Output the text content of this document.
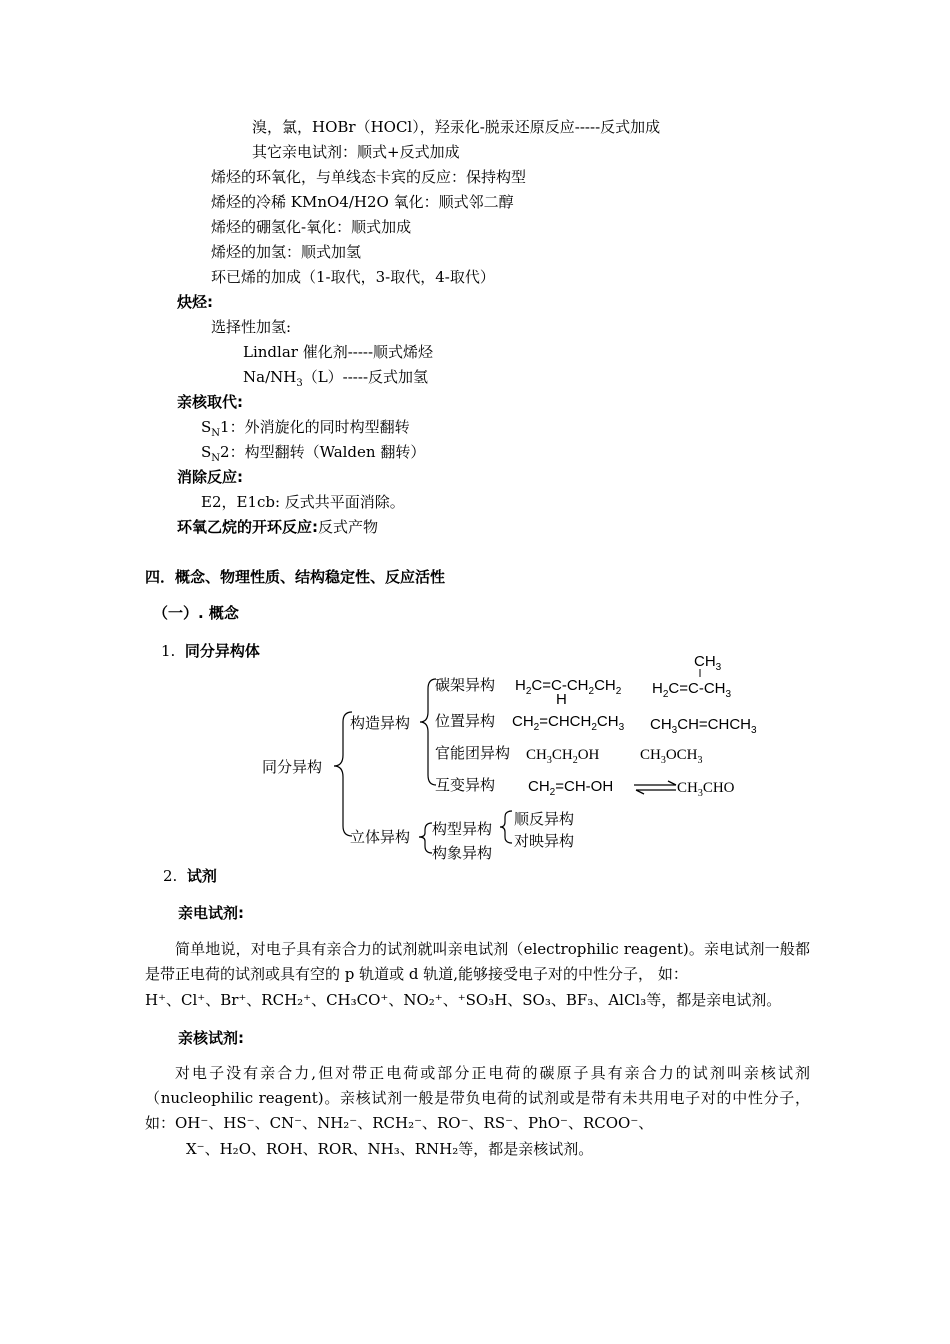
溴，氯，HOBr（HOCl），羟汞化-脱汞还原反应-----反式加成
其它亲电试剂：顺式+反式加成
烯烃的环氧化，与单线态卡宾的反应：保持构型
烯烃的冷稀 KMnO4/H2O 氧化：顺式邻二醇
烯烃的硼氢化-氧化：顺式加成
烯烃的加氢：顺式加氢
环已烯的加成（1-取代，3-取代，4-取代）
炔烃:
选择性加氢:
Lindlar 催化剂-----顺式烯烃
$Na/NH_3(L)-----$反式加氢
亲核取代:
$S_N1$：外消旋化的同时构型翻转
$S_N2$：构型翻转（Walden 翻转）
消除反应:
E2，E1cb: 反式共平面消除。
环氧乙烷的开环反应:反式产物
四．概念、物理性质、结构稳定性、反应活性
（一）. 概念
1. 同分异构体
同分异构
构造异构
立体异构
碳架异构
位置异构
官能团异构
互变异构
构型异构
构象异构
顺反异构
对映异构
$H_2C=C-CH_2CH_2$
H
$CH_3$
$H_2C=C-CH_3$
$CH_2=CHCH_2CH_3$ $CH_3CH=CHCH_3$
$CH_3CH_2OH$	$CH_3OCH_3$
$CH_2=CH-OH$	$CH_3CHO$
2. 试剂
亲电试剂:
简单地说，对电子具有亲合力的试剂就叫亲电试剂（electrophilic reagent)。亲电试剂一般都是带正电荷的试剂或具有空的 p 轨道或 d 轨道,能够接受电子对的中性分子， 如：
H⁺、Cl⁺、Br⁺、RCH₂⁺、CH₃CO⁺、NO₂⁺、⁺SO₃H、SO₃、BF₃、AlCl₃等，都是亲电试剂。
亲核试剂:
对电子没有亲合力,但对带正电荷或部分正电荷的碳原子具有亲合力的试剂叫亲核试剂（nucleophilic reagent)。亲核试剂一般是带负电荷的试剂或是带有未共用电子对的中性分子，如：OH⁻、HS⁻、CN⁻、NH₂⁻、RCH₂⁻、RO⁻、RS⁻、PhO⁻、RCOO⁻、
X⁻、H₂O、ROH、ROR、NH₃、RNH₂等，都是亲核试剂。
